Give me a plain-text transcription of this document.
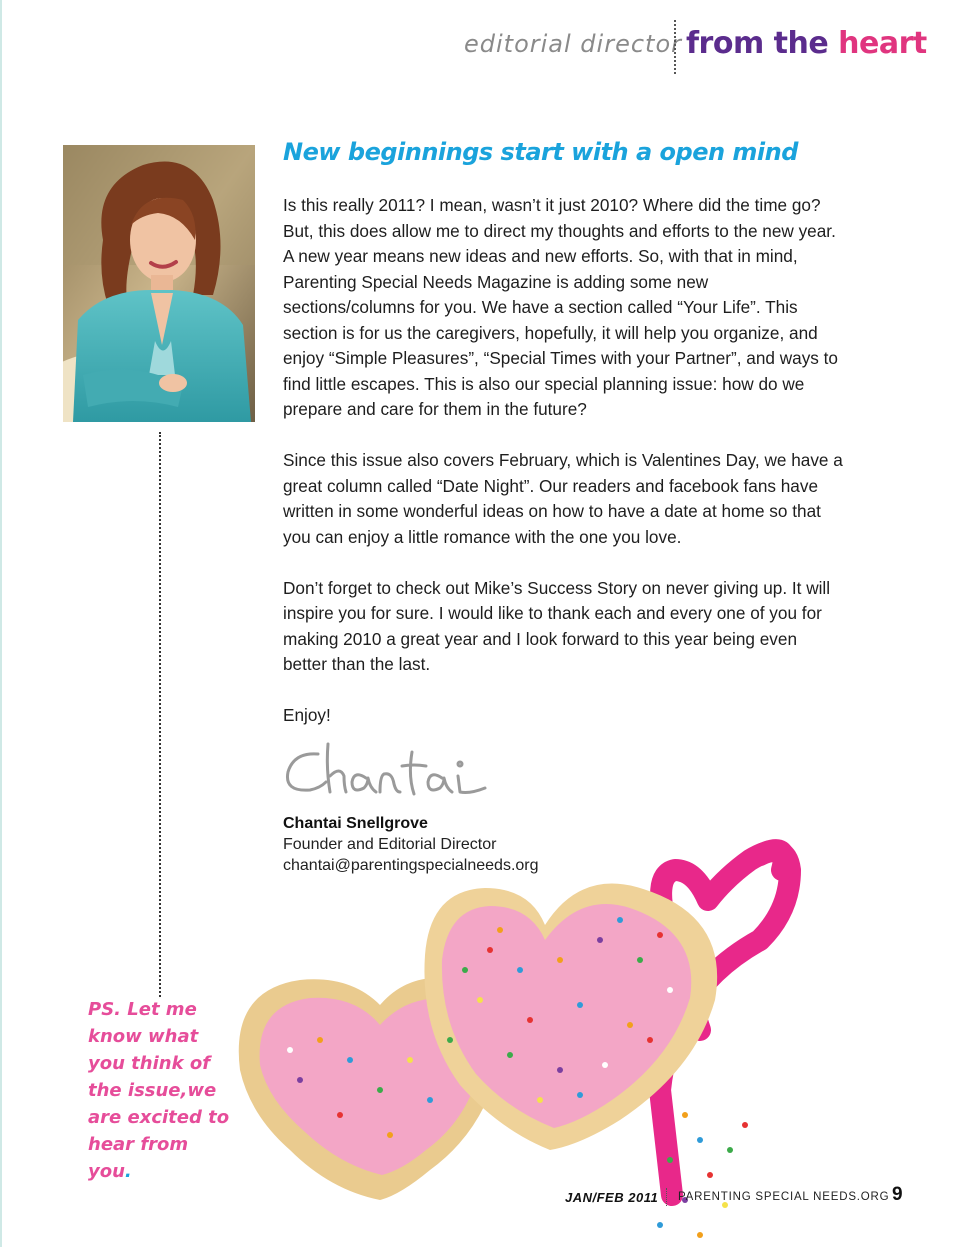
editorial director from the heart
New beginnings start with a open mind

Is this really 2011? I mean, wasn’t it just 2010? Where did the time go? But, this does allow me to direct my thoughts and efforts to the new year. A new year means new ideas and new efforts. So, with that in mind, Parenting Special Needs Magazine is adding some new sections/columns for you. We have a section called “Your Life”. This section is for us the caregivers, hopefully, it will help you organize, and enjoy “Simple Pleasures”, “Special Times with your Partner”, and ways to find little escapes. This is also our special planning issue: how do we prepare and care for them in the future?

Since this issue also covers February, which is Valentines Day, we have a great column called “Date Night”. Our readers and facebook fans have written in some wonderful ideas on how to have a date at home so that you can enjoy a little romance with the one you love.

Don’t forget to check out Mike’s Success Story on never giving up. It will inspire you for sure. I would like to thank each and every one of you for making 2010 a great year and I look forward to this year being even better than the last.

Enjoy!

Chantai Snellgrove
Founder and Editorial Director
chantai@parentingspecialneeds.org
PS. Let me know what you think of the issue,we are excited to hear from you.
JAN/FEB 2011 PARENTING SPECIAL NEEDS.ORG 9
